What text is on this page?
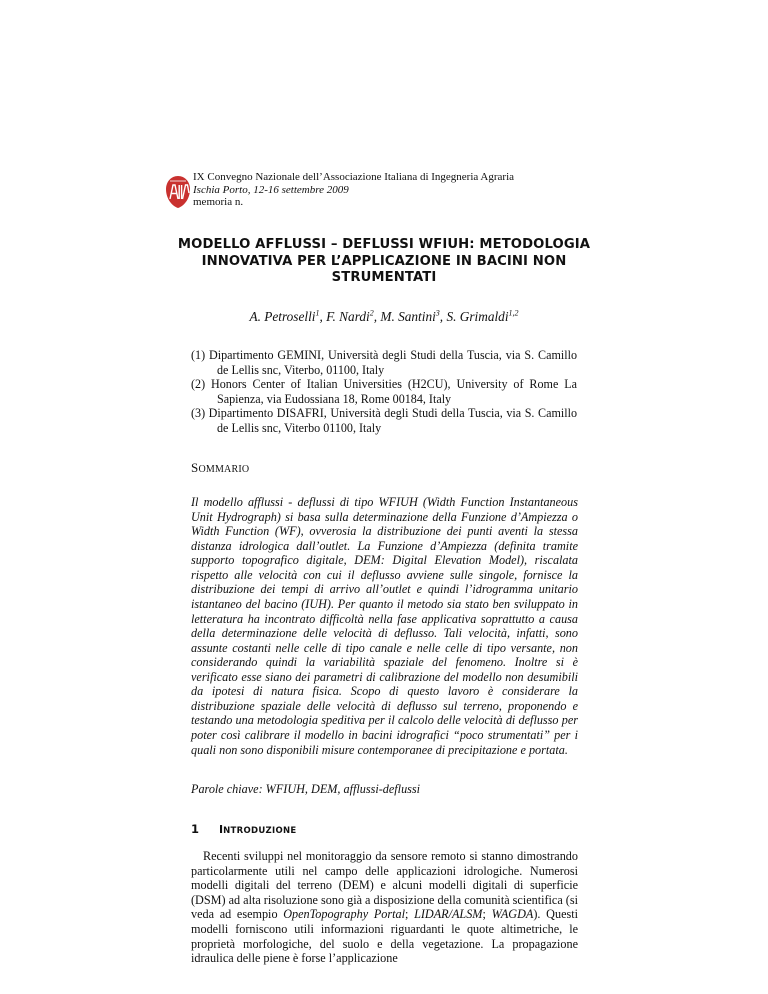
IX Convegno Nazionale dell’Associazione Italiana di Ingegneria Agraria
Ischia Porto, 12-16 settembre 2009
memoria n.
MODELLO AFFLUSSI – DEFLUSSI WFIUH: METODOLOGIA
INNOVATIVA PER L’APPLICAZIONE IN BACINI NON
STRUMENTATI
A. Petroselli$^1$, F. Nardi$^2$, M. Santini$^3$, S. Grimaldi$^{1,2}$
(1) Dipartimento GEMINI, Università degli Studi della Tuscia, via S. Camillo de Lellis snc, Viterbo, 01100, Italy
(2) Honors Center of Italian Universities (H2CU), University of Rome La Sapienza, via Eudossiana 18, Rome 00184, Italy
(3) Dipartimento DISAFRI, Università degli Studi della Tuscia, via S. Camillo de Lellis snc, Viterbo 01100, Italy
SOMMARIO

Il modello afflussi - deflussi di tipo WFIUH (Width Function Instantaneous Unit Hydrograph) si basa sulla determinazione della Funzione d’Ampiezza o Width Function (WF), ovverosia la distribuzione dei punti aventi la stessa distanza idrologica dall’outlet. La Funzione d’Ampiezza (definita tramite supporto topografico digitale, DEM: Digital Elevation Model), riscalata rispetto alle velocità con cui il deflusso avviene sulle singole, fornisce la distribuzione dei tempi di arrivo all’outlet e quindi l’idrogramma unitario istantaneo del bacino (IUH). Per quanto il metodo sia stato ben sviluppato in letteratura ha incontrato difficoltà nella fase applicativa soprattutto a causa della determinazione delle velocità di deflusso. Tali velocità, infatti, sono assunte costanti nelle celle di tipo canale e nelle celle di tipo versante, non considerando quindi la variabilità spaziale del fenomeno. Inoltre si è verificato esse siano dei parametri di calibrazione del modello non desumibili da ipotesi di natura fisica. Scopo di questo lavoro è considerare la distribuzione spaziale delle velocità di deflusso sul terreno, proponendo e testando una metodologia speditiva per il calcolo delle velocità di deflusso per poter così calibrare il modello in bacini idrografici “poco strumentati” per i quali non sono disponibili misure contemporanee di precipitazione e portata.

Parole chiave: WFIUH, DEM, afflussi-deflussi
1 INTRODUZIONE

Recenti sviluppi nel monitoraggio da sensore remoto si stanno dimostrando particolarmente utili nel campo delle applicazioni idrologiche. Numerosi modelli digitali del terreno (DEM) e alcuni modelli digitali di superficie (DSM) ad alta risoluzione sono già a disposizione della comunità scientifica (si veda ad esempio OpenTopography Portal; LIDAR/ALSM; WAGDA). Questi modelli forniscono utili informazioni riguardanti le quote altimetriche, le proprietà morfologiche, del suolo e della vegetazione. La propagazione idraulica delle piene è forse l’applicazione
